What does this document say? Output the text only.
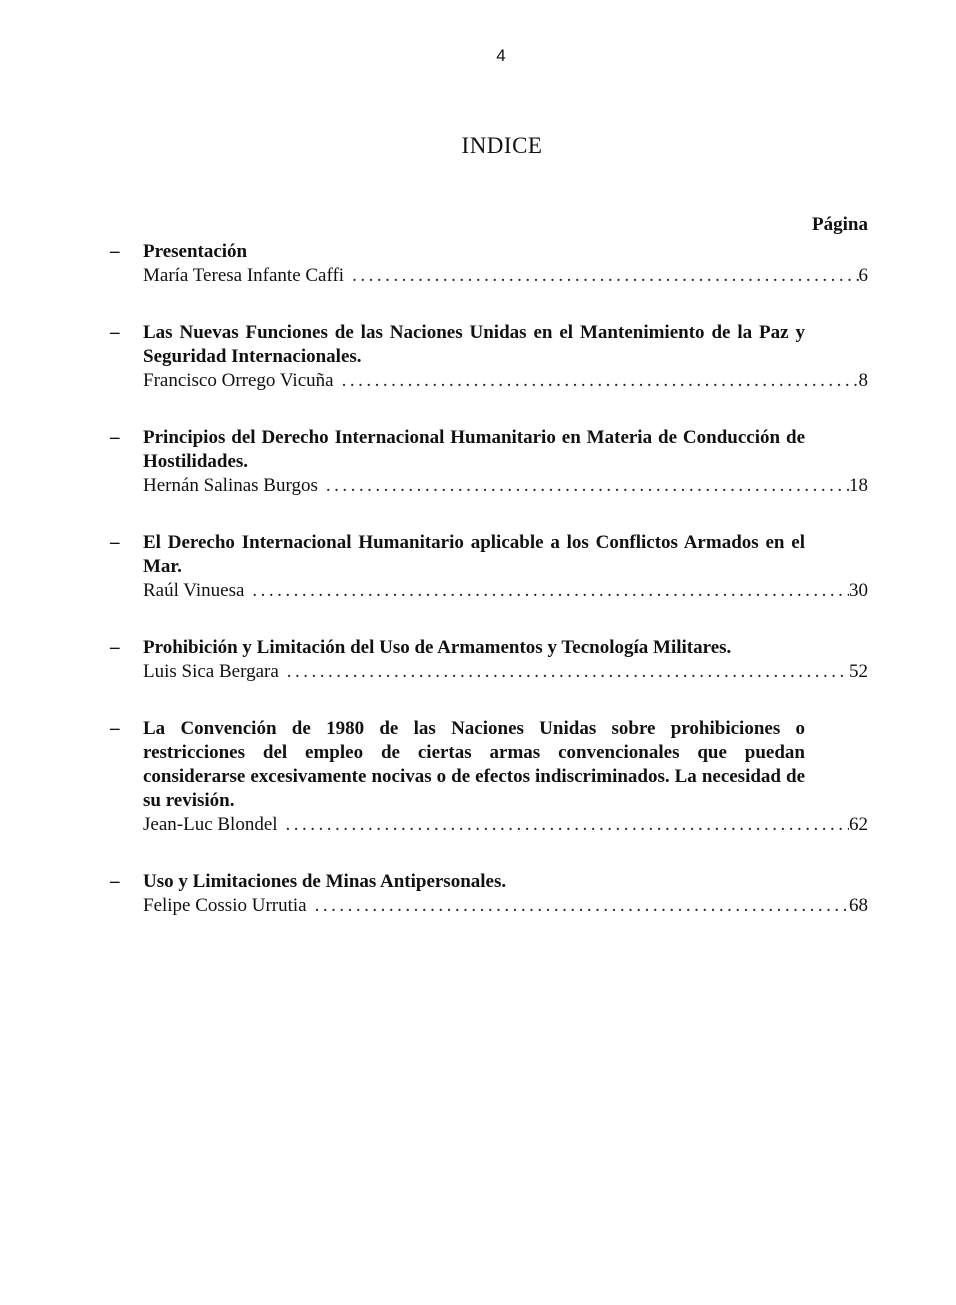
4
INDICE
Página
– Presentación
María Teresa Infante Caffi .....	6
– Las Nuevas Funciones de las Naciones Unidas en el Mantenimiento de la Paz y Seguridad Internacionales.
Francisco Orrego Vicuña .....	8
– Principios del Derecho Internacional Humanitario en Materia de Conducción de Hostilidades.
Hernán Salinas Burgos .....	18
– El Derecho Internacional Humanitario aplicable a los Conflictos Armados en el Mar.
Raúl Vinuesa .....	30
– Prohibición y Limitación del Uso de Armamentos y Tecnología Militares.
Luis Sica Bergara .....	52
– La Convención de 1980 de las Naciones Unidas sobre prohibiciones o restricciones del empleo de ciertas armas convencionales que puedan considerarse excesivamente nocivas o de efectos indiscriminados. La necesidad de su revisión.
Jean-Luc Blondel .....	62
– Uso y Limitaciones de Minas Antipersonales.
Felipe Cossio Urrutia .....	68
